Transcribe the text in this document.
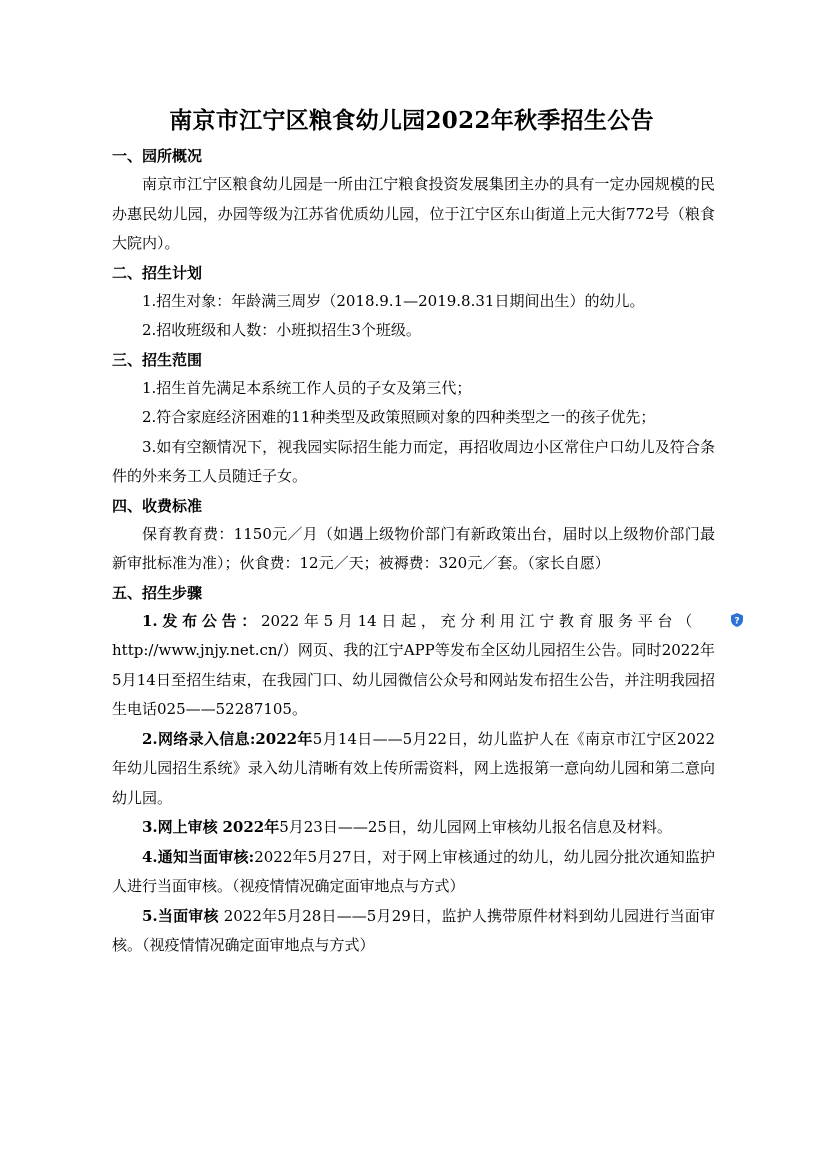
南京市江宁区粮食幼儿园2022年秋季招生公告

一、园所概况

南京市江宁区粮食幼儿园是一所由江宁粮食投资发展集团主办的具有一定办园规模的民办惠民幼儿园，办园等级为江苏省优质幼儿园，位于江宁区东山街道上元大街772号（粮食大院内）。

二、招生计划

1.招生对象：年龄满三周岁（2018.9.1—2019.8.31日期间出生）的幼儿。

2.招收班级和人数：小班拟招生3个班级。

三、招生范围

1.招生首先满足本系统工作人员的子女及第三代；

2.符合家庭经济困难的11种类型及政策照顾对象的四种类型之一的孩子优先；

3.如有空额情况下，视我园实际招生能力而定，再招收周边小区常住户口幼儿及符合条件的外来务工人员随迁子女。

四、收费标准

保育教育费：1150元／月（如遇上级物价部门有新政策出台，届时以上级物价部门最新审批标准为准）；伙食费：12元／天；被褥费：320元／套。（家长自愿）

五、招生步骤

1.发布公告：2022年5月14日起，充分利用江宁教育服务平台（	?
http://www.jnjy.net.cn/）网页、我的江宁APP等发布全区幼儿园招生公告。同时2022年5月14日至招生结束，在我园门口、幼儿园微信公众号和网站发布招生公告，并注明我园招生电话025——52287105。

2.网络录入信息:2022年5月14日——5月22日，幼儿监护人在《南京市江宁区2022年幼儿园招生系统》录入幼儿清晰有效上传所需资料，网上选报第一意向幼儿园和第二意向幼儿园。

3.网上审核 2022年5月23日——25日，幼儿园网上审核幼儿报名信息及材料。

4.通知当面审核:2022年5月27日，对于网上审核通过的幼儿，幼儿园分批次通知监护人进行当面审核。（视疫情情况确定面审地点与方式）

5.当面审核 2022年5月28日——5月29日，监护人携带原件材料到幼儿园进行当面审核。（视疫情情况确定面审地点与方式）
